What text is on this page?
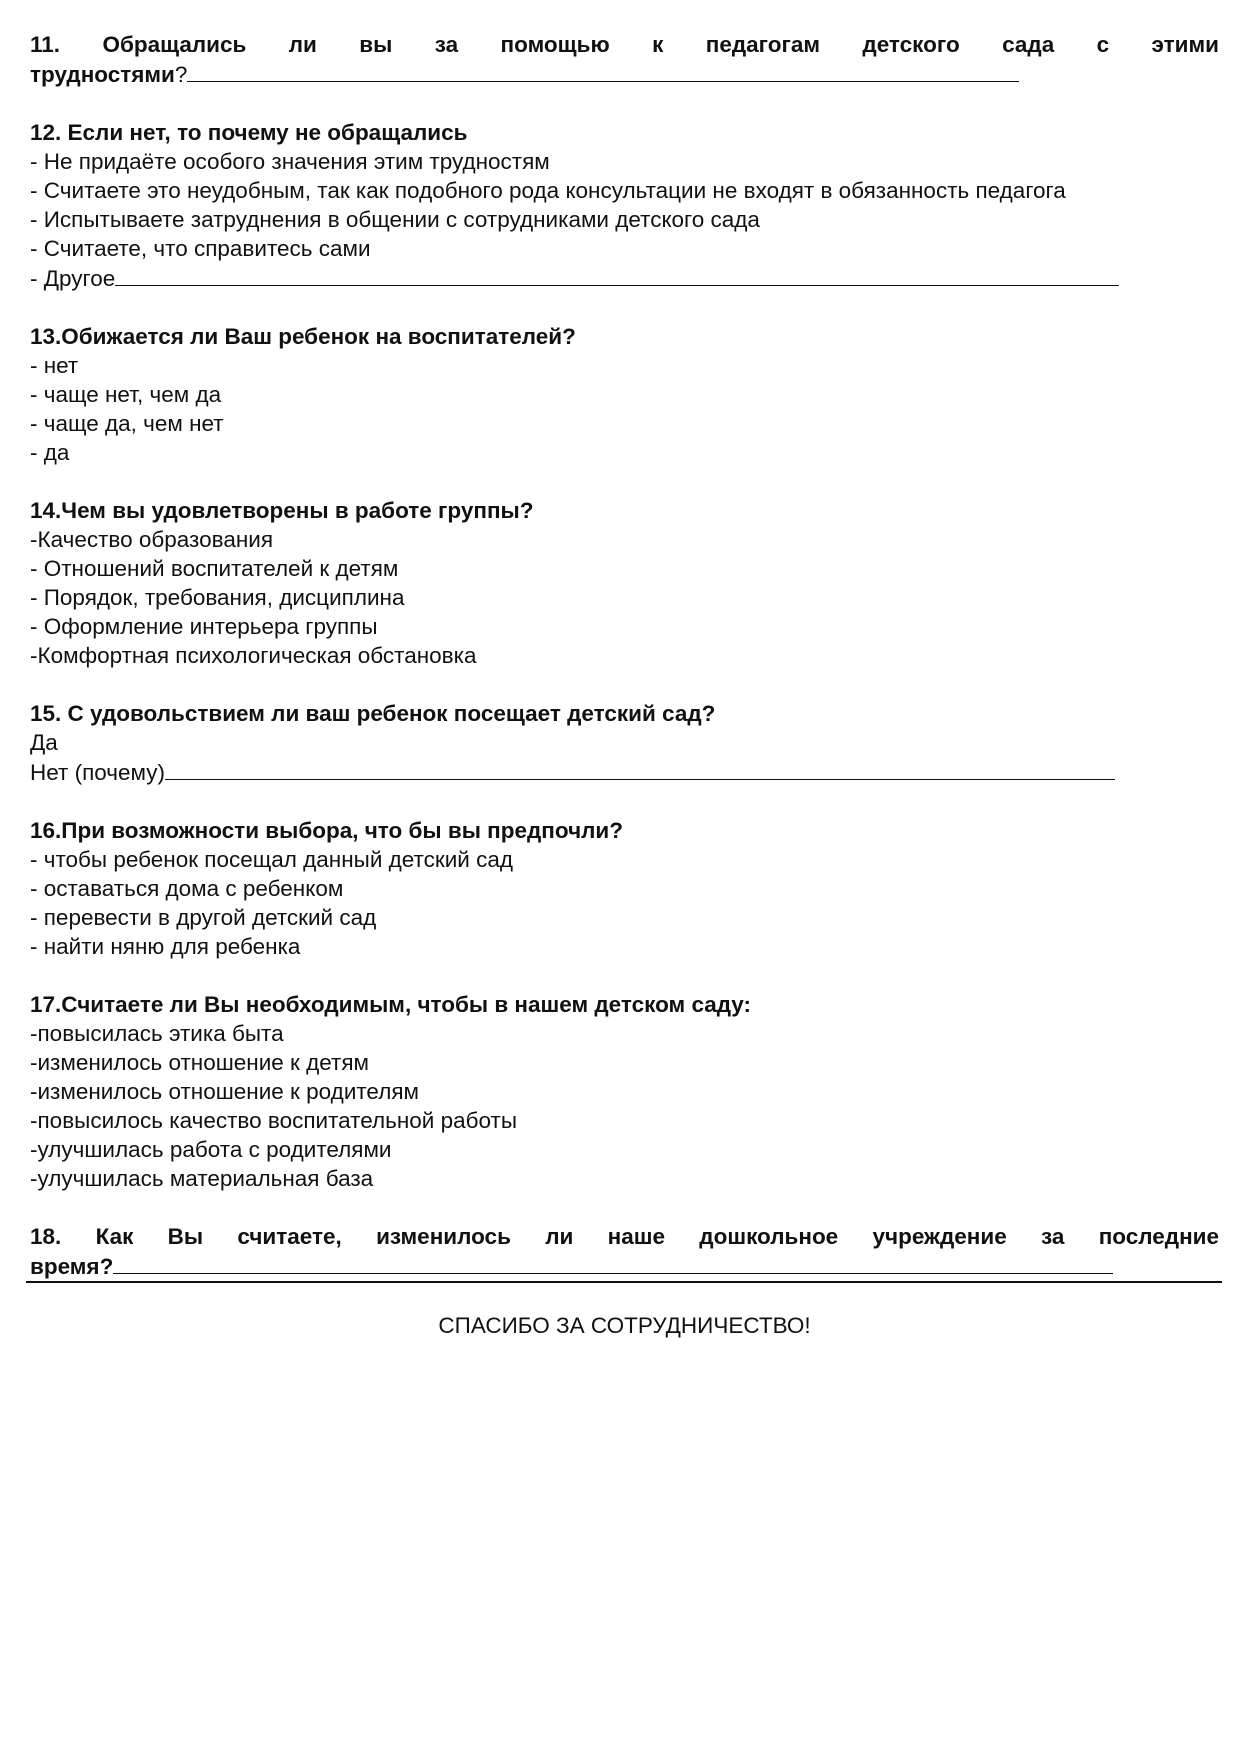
11. Обращались ли вы за помощью к педагогам детского сада с этими
трудностями?
12. Если нет, то почему не обращались
- Не придаёте особого значения этим трудностям
- Считаете это неудобным, так как подобного рода консультации не входят в обязанность педагога
- Испытываете затруднения в общении с сотрудниками детского сада
- Считаете, что справитесь сами
- Другое
13.Обижается ли Ваш ребенок на воспитателей?
- нет
- чаще нет, чем да
- чаще да, чем нет
- да
14.Чем вы удовлетворены в работе группы?
-Качество образования
- Отношений воспитателей к детям
- Порядок, требования, дисциплина
- Оформление интерьера группы
-Комфортная психологическая обстановка
15. С удовольствием ли ваш ребенок посещает детский сад?
Да
Нет (почему)
16.При возможности выбора, что бы вы предпочли?
- чтобы ребенок посещал данный детский сад
- оставаться дома с ребенком
- перевести в другой детский сад
- найти няню для ребенка
17.Считаете ли Вы необходимым, чтобы в нашем детском саду:
-повысилась этика быта
-изменилось отношение к детям
-изменилось отношение к родителям
-повысилось качество воспитательной работы
-улучшилась работа с родителями
-улучшилась материальная база
18. Как Вы считаете, изменилось ли наше дошкольное учреждение за последние
время?
СПАСИБО ЗА СОТРУДНИЧЕСТВО!
